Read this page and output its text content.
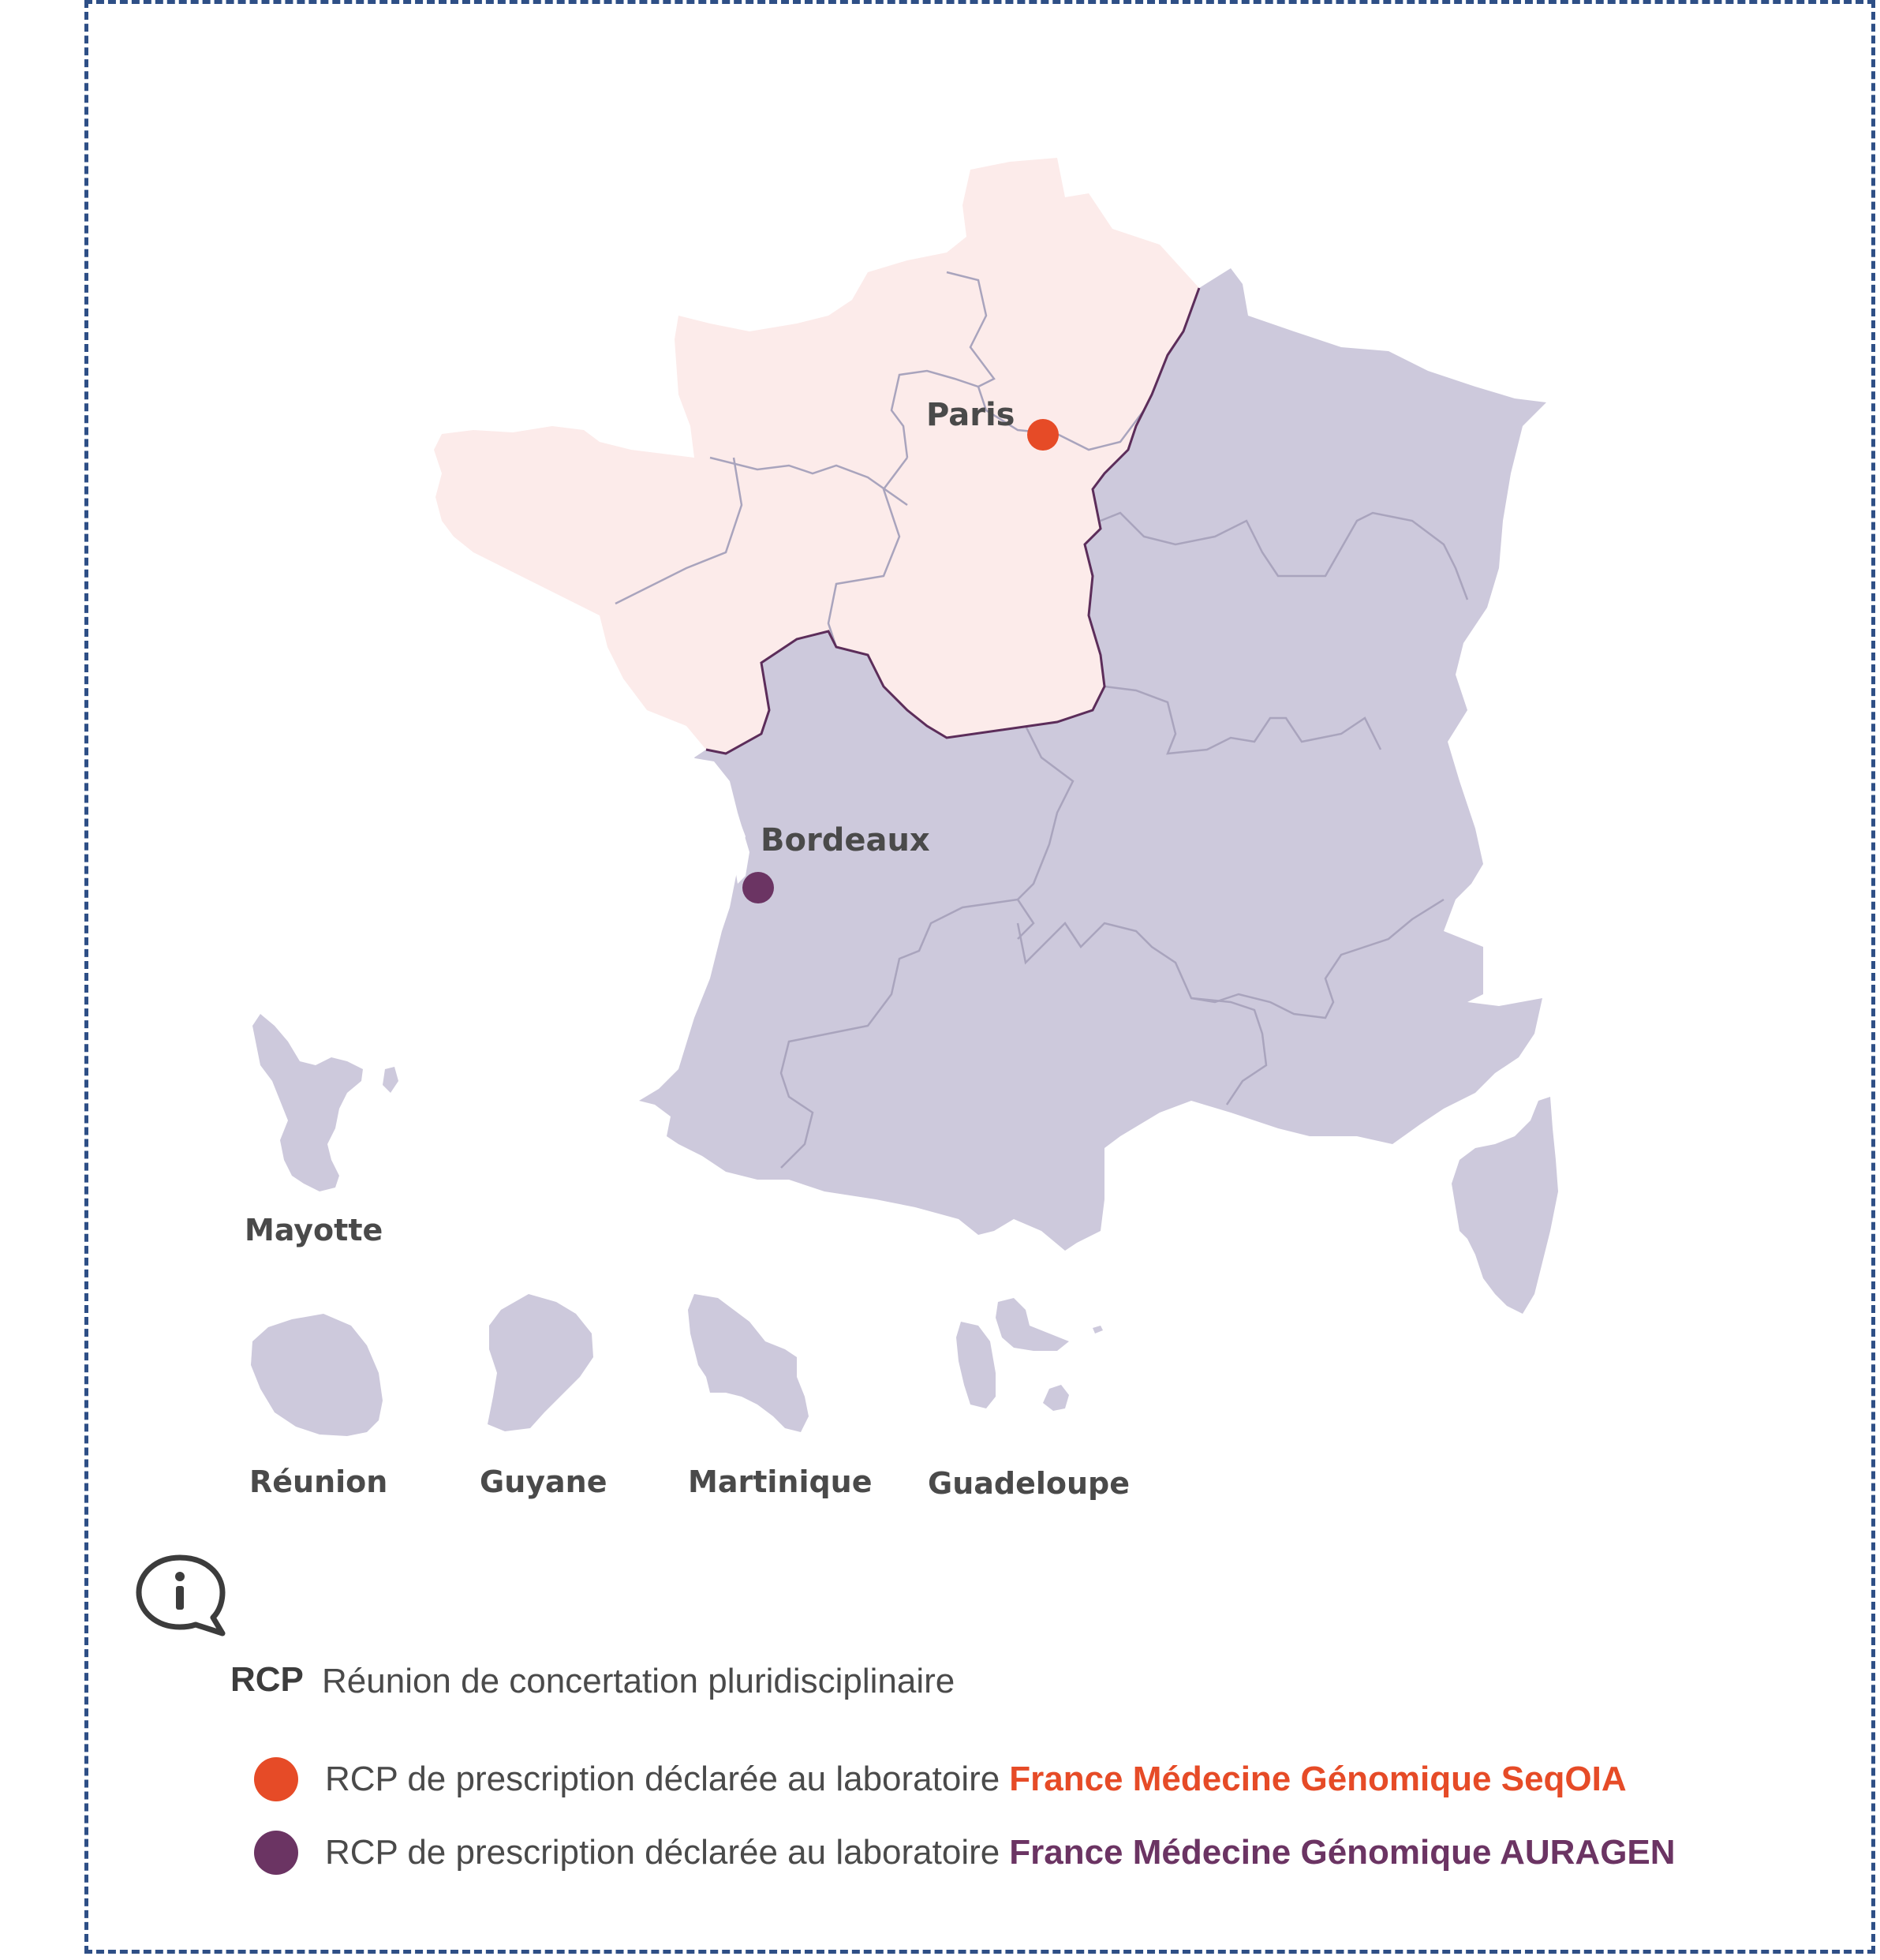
Paris
Bordeaux
Mayotte
Réunion	Guyane	Martinique Guadeloupe
RCP Réunion de concertation pluridisciplinaire
RCP de prescription déclarée au laboratoire France Médecine Génomique SeqOIA
RCP de prescription déclarée au laboratoire France Médecine Génomique AURAGEN
